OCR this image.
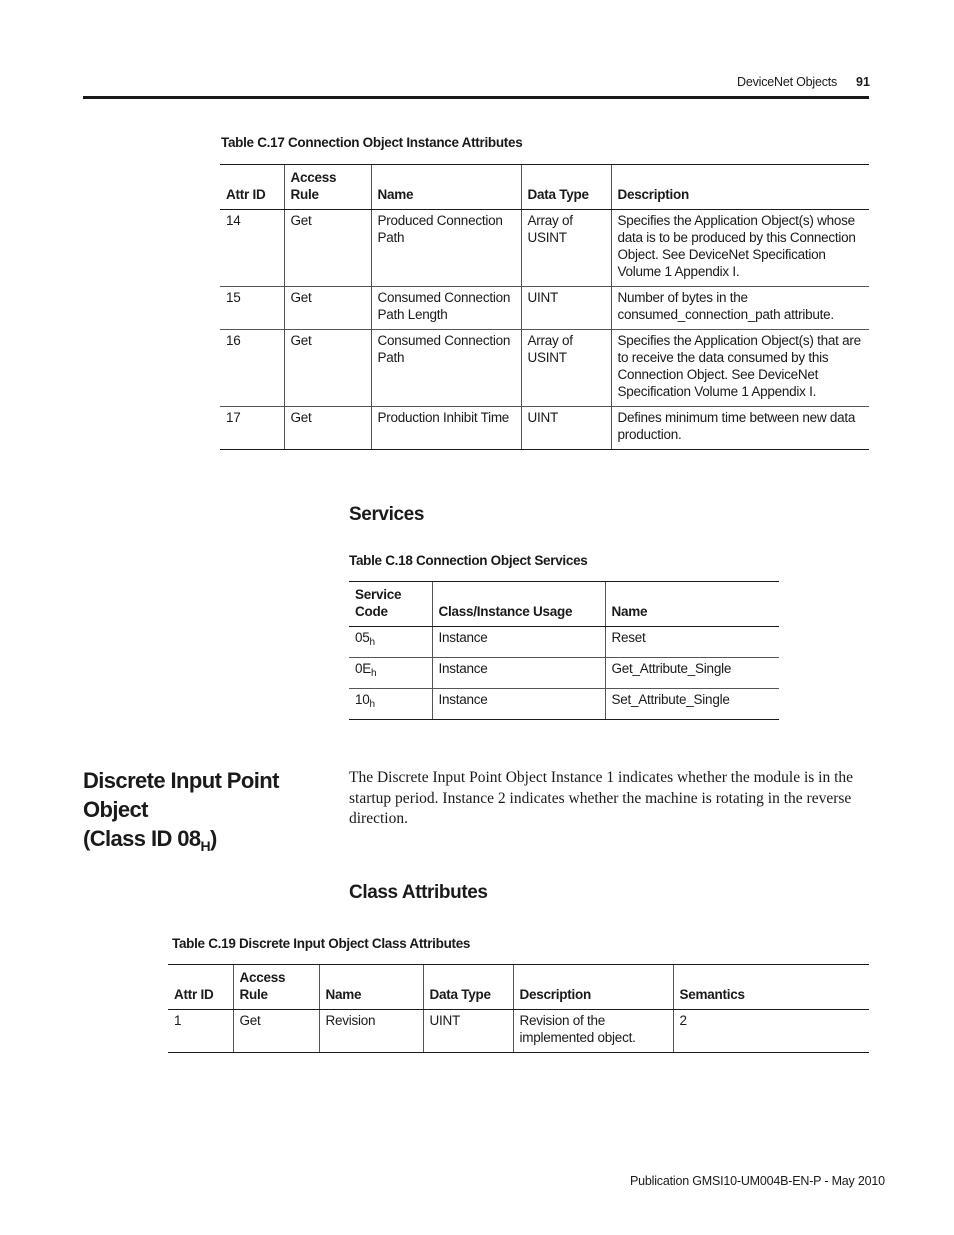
DeviceNet Objects 91
Table C.17 Connection Object Instance Attributes
Attr ID	Access Rule	Name	Data Type	Description
14	Get	Produced Connection Path	Array of USINT	Specifies the Application Object(s) whose data is to be produced by this Connection Object. See DeviceNet Specification Volume 1 Appendix I.
15	Get	Consumed Connection Path Length	UINT	Number of bytes in the consumed_connection_path attribute.
16	Get	Consumed Connection Path	Array of USINT	Specifies the Application Object(s) that are to receive the data consumed by this Connection Object. See DeviceNet Specification Volume 1 Appendix I.
17	Get	Production Inhibit Time	UINT	Defines minimum time between new data production.
Services
Table C.18 Connection Object Services
Service Code	Class/Instance Usage	Name
$05_h$	Instance	Reset
$0E_h$	Instance	Get_Attribute_Single
$10_h$	Instance	Set_Attribute_Single
Discrete Input Point Object
(Class ID $08_H$)
The Discrete Input Point Object Instance 1 indicates whether the module is in the startup period. Instance 2 indicates whether the machine is rotating in the reverse direction.
Class Attributes
Table C.19 Discrete Input Object Class Attributes
Attr ID	Access Rule	Name	Data Type	Description	Semantics
1	Get	Revision	UINT	Revision of the implemented object.	2
Publication GMSI10-UM004B-EN-P - May 2010
